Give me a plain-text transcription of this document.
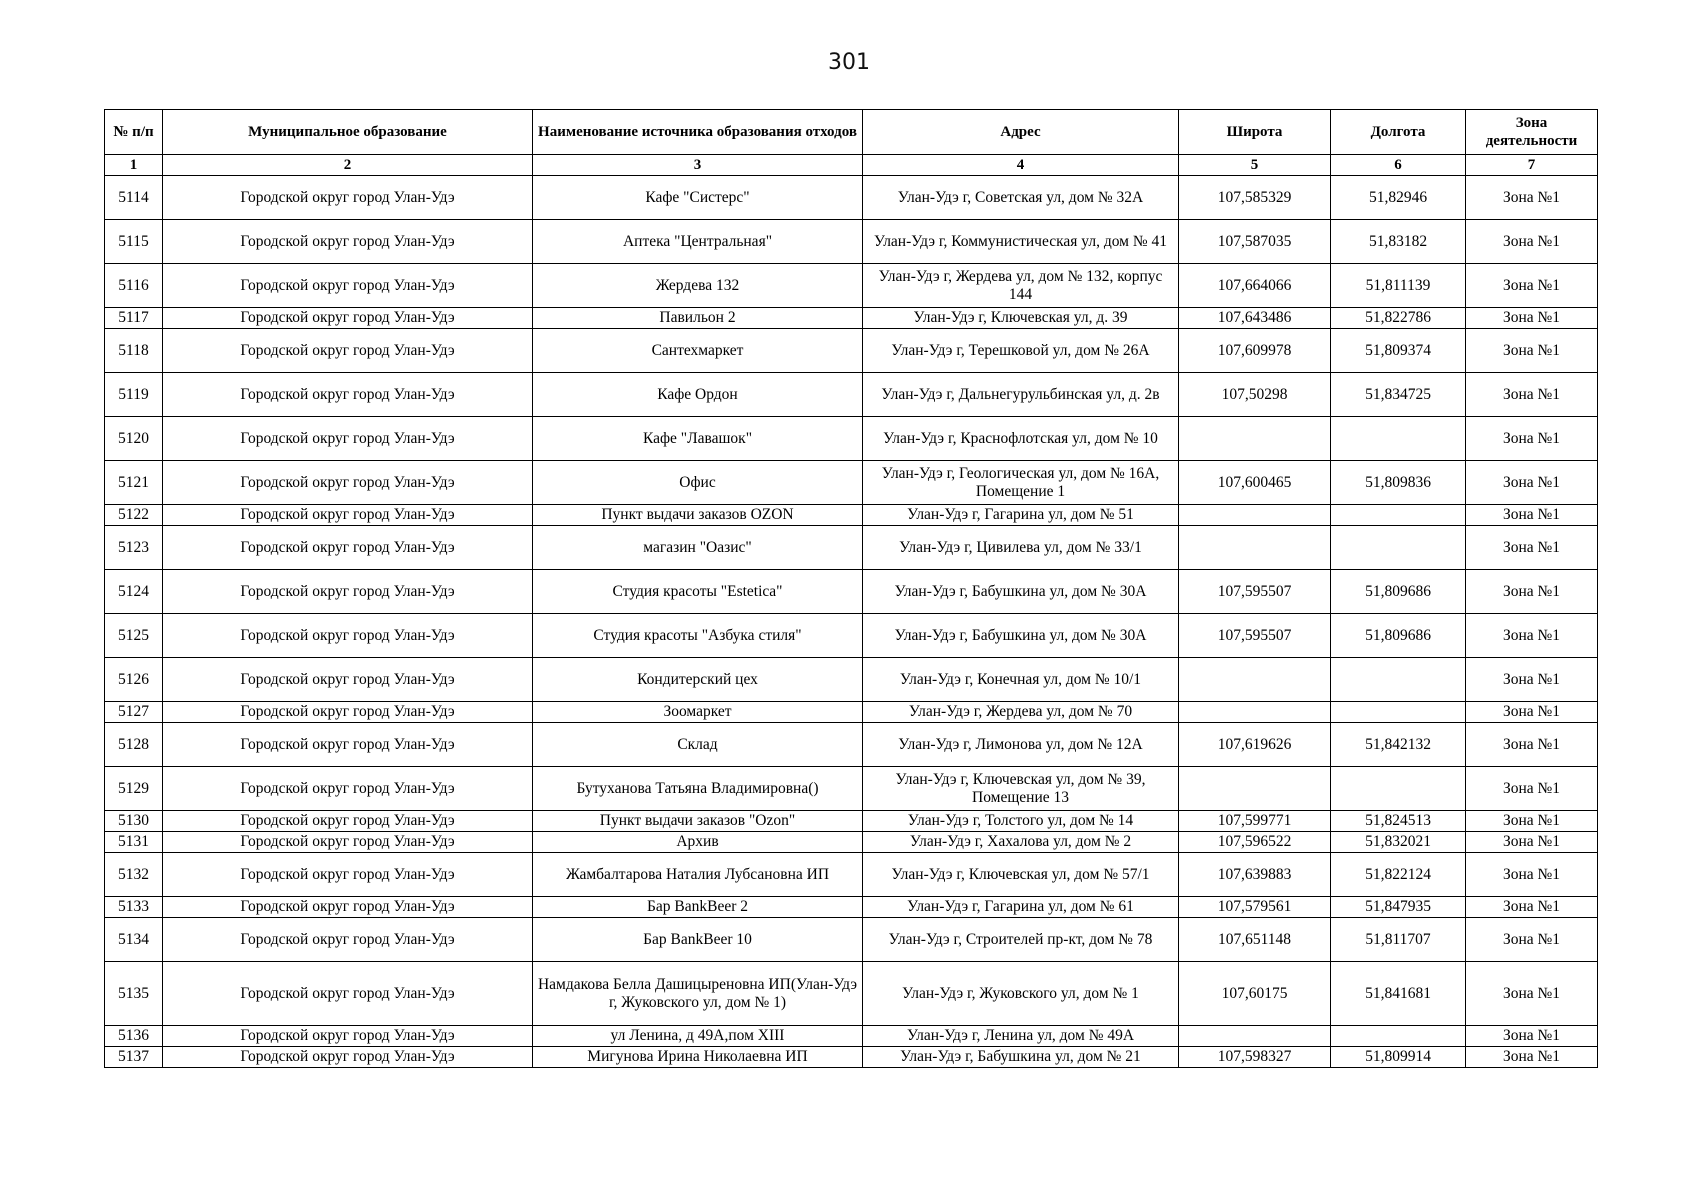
301
№ п/п	Муниципальное образование	Наименование источника образования отходов	Адрес	Широта	Долгота	Зона деятельности
1	2	3	4	5	6	7
5114	Городской округ город Улан-Удэ	Кафе "Систерс"	Улан-Удэ г, Советская ул, дом № 32А	107,585329	51,82946	Зона №1
5115	Городской округ город Улан-Удэ	Аптека "Центральная"	Улан-Удэ г, Коммунистическая ул, дом № 41	107,587035	51,83182	Зона №1
5116	Городской округ город Улан-Удэ	Жердева 132	Улан-Удэ г, Жердева ул, дом № 132, корпус 144	107,664066	51,811139	Зона №1
5117	Городской округ город Улан-Удэ	Павильон 2	Улан-Удэ г, Ключевская ул, д. 39	107,643486	51,822786	Зона №1
5118	Городской округ город Улан-Удэ	Сантехмаркет	Улан-Удэ г, Терешковой ул, дом № 26А	107,609978	51,809374	Зона №1
5119	Городской округ город Улан-Удэ	Кафе Ордон	Улан-Удэ г, Дальнегурульбинская ул, д. 2в	107,50298	51,834725	Зона №1
5120	Городской округ город Улан-Удэ	Кафе "Лавашок"	Улан-Удэ г, Краснофлотская ул, дом № 10			Зона №1
5121	Городской округ город Улан-Удэ	Офис	Улан-Удэ г, Геологическая ул, дом № 16А, Помещение 1	107,600465	51,809836	Зона №1
5122	Городской округ город Улан-Удэ	Пункт выдачи заказов OZON	Улан-Удэ г, Гагарина ул, дом № 51			Зона №1
5123	Городской округ город Улан-Удэ	магазин "Оазис"	Улан-Удэ г, Цивилева ул, дом № 33/1			Зона №1
5124	Городской округ город Улан-Удэ	Студия красоты "Estetica"	Улан-Удэ г, Бабушкина ул, дом № 30А	107,595507	51,809686	Зона №1
5125	Городской округ город Улан-Удэ	Студия красоты "Азбука стиля"	Улан-Удэ г, Бабушкина ул, дом № 30А	107,595507	51,809686	Зона №1
5126	Городской округ город Улан-Удэ	Кондитерский цех	Улан-Удэ г, Конечная ул, дом № 10/1			Зона №1
5127	Городской округ город Улан-Удэ	Зоомаркет	Улан-Удэ г, Жердева ул, дом № 70			Зона №1
5128	Городской округ город Улан-Удэ	Склад	Улан-Удэ г, Лимонова ул, дом № 12А	107,619626	51,842132	Зона №1
5129	Городской округ город Улан-Удэ	Бутуханова Татьяна Владимировна()	Улан-Удэ г, Ключевская ул, дом № 39, Помещение 13			Зона №1
5130	Городской округ город Улан-Удэ	Пункт выдачи заказов "Ozon"	Улан-Удэ г, Толстого ул, дом № 14	107,599771	51,824513	Зона №1
5131	Городской округ город Улан-Удэ	Архив	Улан-Удэ г, Хахалова ул, дом № 2	107,596522	51,832021	Зона №1
5132	Городской округ город Улан-Удэ	Жамбалтарова Наталия Лубсановна ИП	Улан-Удэ г, Ключевская ул, дом № 57/1	107,639883	51,822124	Зона №1
5133	Городской округ город Улан-Удэ	Бар BankBeer 2	Улан-Удэ г, Гагарина ул, дом № 61	107,579561	51,847935	Зона №1
5134	Городской округ город Улан-Удэ	Бар BankBeer 10	Улан-Удэ г, Строителей пр-кт, дом № 78	107,651148	51,811707	Зона №1
5135	Городской округ город Улан-Удэ	Намдакова Белла Дашицыреновна ИП(Улан-Удэ г, Жуковского ул, дом № 1)	Улан-Удэ г, Жуковского ул, дом № 1	107,60175	51,841681	Зона №1
5136	Городской округ город Улан-Удэ	ул Ленина, д 49А,пом XIII	Улан-Удэ г, Ленина ул, дом № 49А			Зона №1
5137	Городской округ город Улан-Удэ	Мигунова Ирина Николаевна ИП	Улан-Удэ г, Бабушкина ул, дом № 21	107,598327	51,809914	Зона №1
